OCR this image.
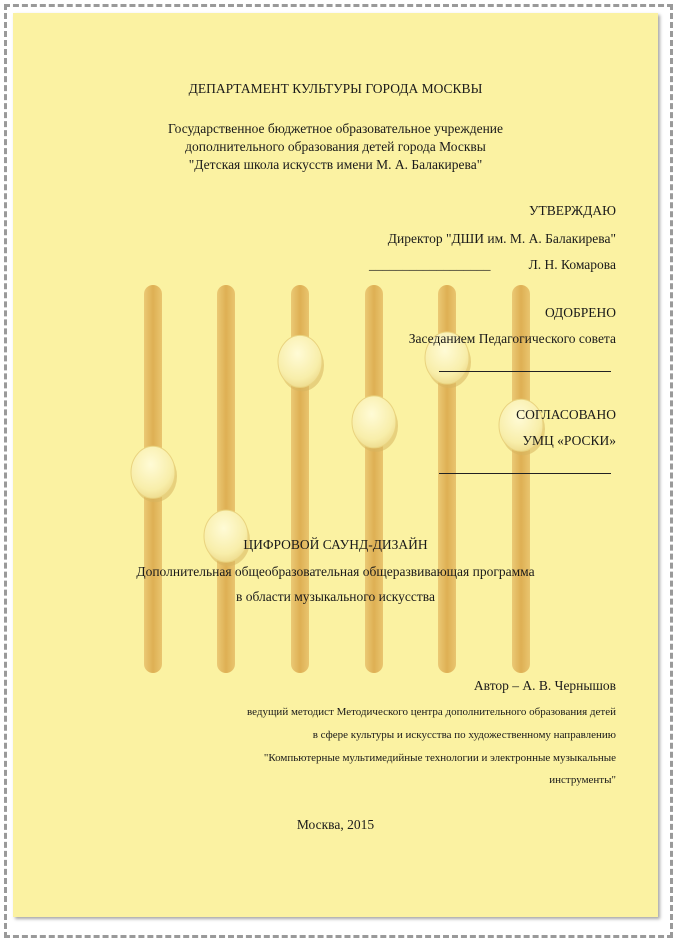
ДЕПАРТАМЕНТ КУЛЬТУРЫ ГОРОДА МОСКВЫ

Государственное бюджетное образовательное учреждение

дополнительного образования детей города Москвы

"Детская школа искусств имени М. А. Балакирева"

УТВЕРЖДАЮ

Директор "ДШИ им. М. А. Балакирева"

__________________	Л. Н. Комарова

ОДОБРЕНО

Заседанием Педагогического совета

СОГЛАСОВАНО

УМЦ «РОСКИ»

ЦИФРОВОЙ САУНД-ДИЗАЙН

Дополнительная общеобразовательная общеразвивающая программа

в области музыкального искусства

Автор – А. В. Чернышов

ведущий методист Методического центра дополнительного образования детей

в сфере культуры и искусства по художественному направлению

"Компьютерные мультимедийные технологии и электронные музыкальные

инструменты"

Москва, 2015
